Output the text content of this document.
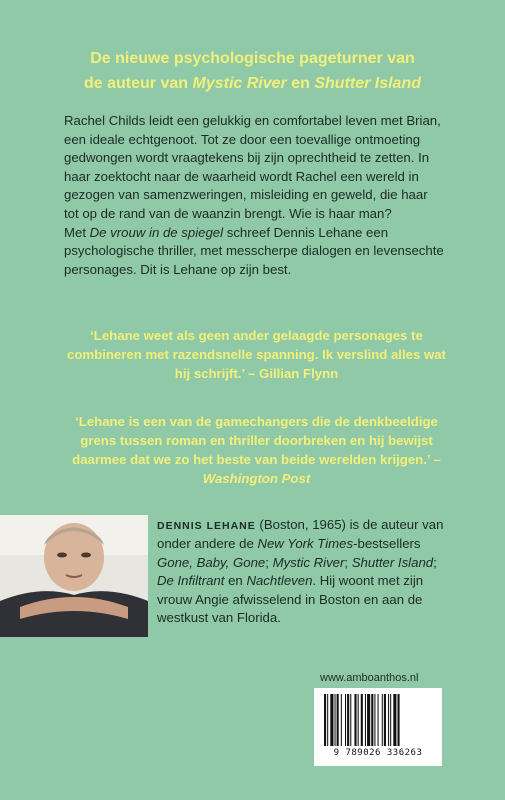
De nieuwe psychologische pageturner van
de auteur van Mystic River en Shutter Island

Rachel Childs leidt een gelukkig en comfortabel leven met Brian, een ideale echtgenoot. Tot ze door een toevallige ontmoeting gedwongen wordt vraagtekens bij zijn oprechtheid te zetten. In haar zoektocht naar de waarheid wordt Rachel een wereld in gezogen van samenzweringen, misleiding en geweld, die haar tot op de rand van de waanzin brengt. Wie is haar man?

Met De vrouw in de spiegel schreef Dennis Lehane een psychologische thriller, met messcherpe dialogen en levensechte personages. Dit is Lehane op zijn best.

‘Lehane weet als geen ander gelaagde personages te combineren met razendsnelle spanning. Ik verslind alles wat hij schrijft.’ – Gillian Flynn
‘Lehane is een van de gamechangers die de denkbeeldige grens tussen roman en thriller doorbreken en hij bewijst daarmee dat we zo het beste van beide werelden krijgen.’ – Washington Post
DENNIS LEHANE (Boston, 1965) is de auteur van onder andere de New York Times-bestsellers Gone, Baby, Gone; Mystic River; Shutter Island; De Infiltrant en Nachtleven. Hij woont met zijn vrouw Angie afwisselend in Boston en aan de westkust van Florida.
www.amboanthos.nl
9 789026 336263
